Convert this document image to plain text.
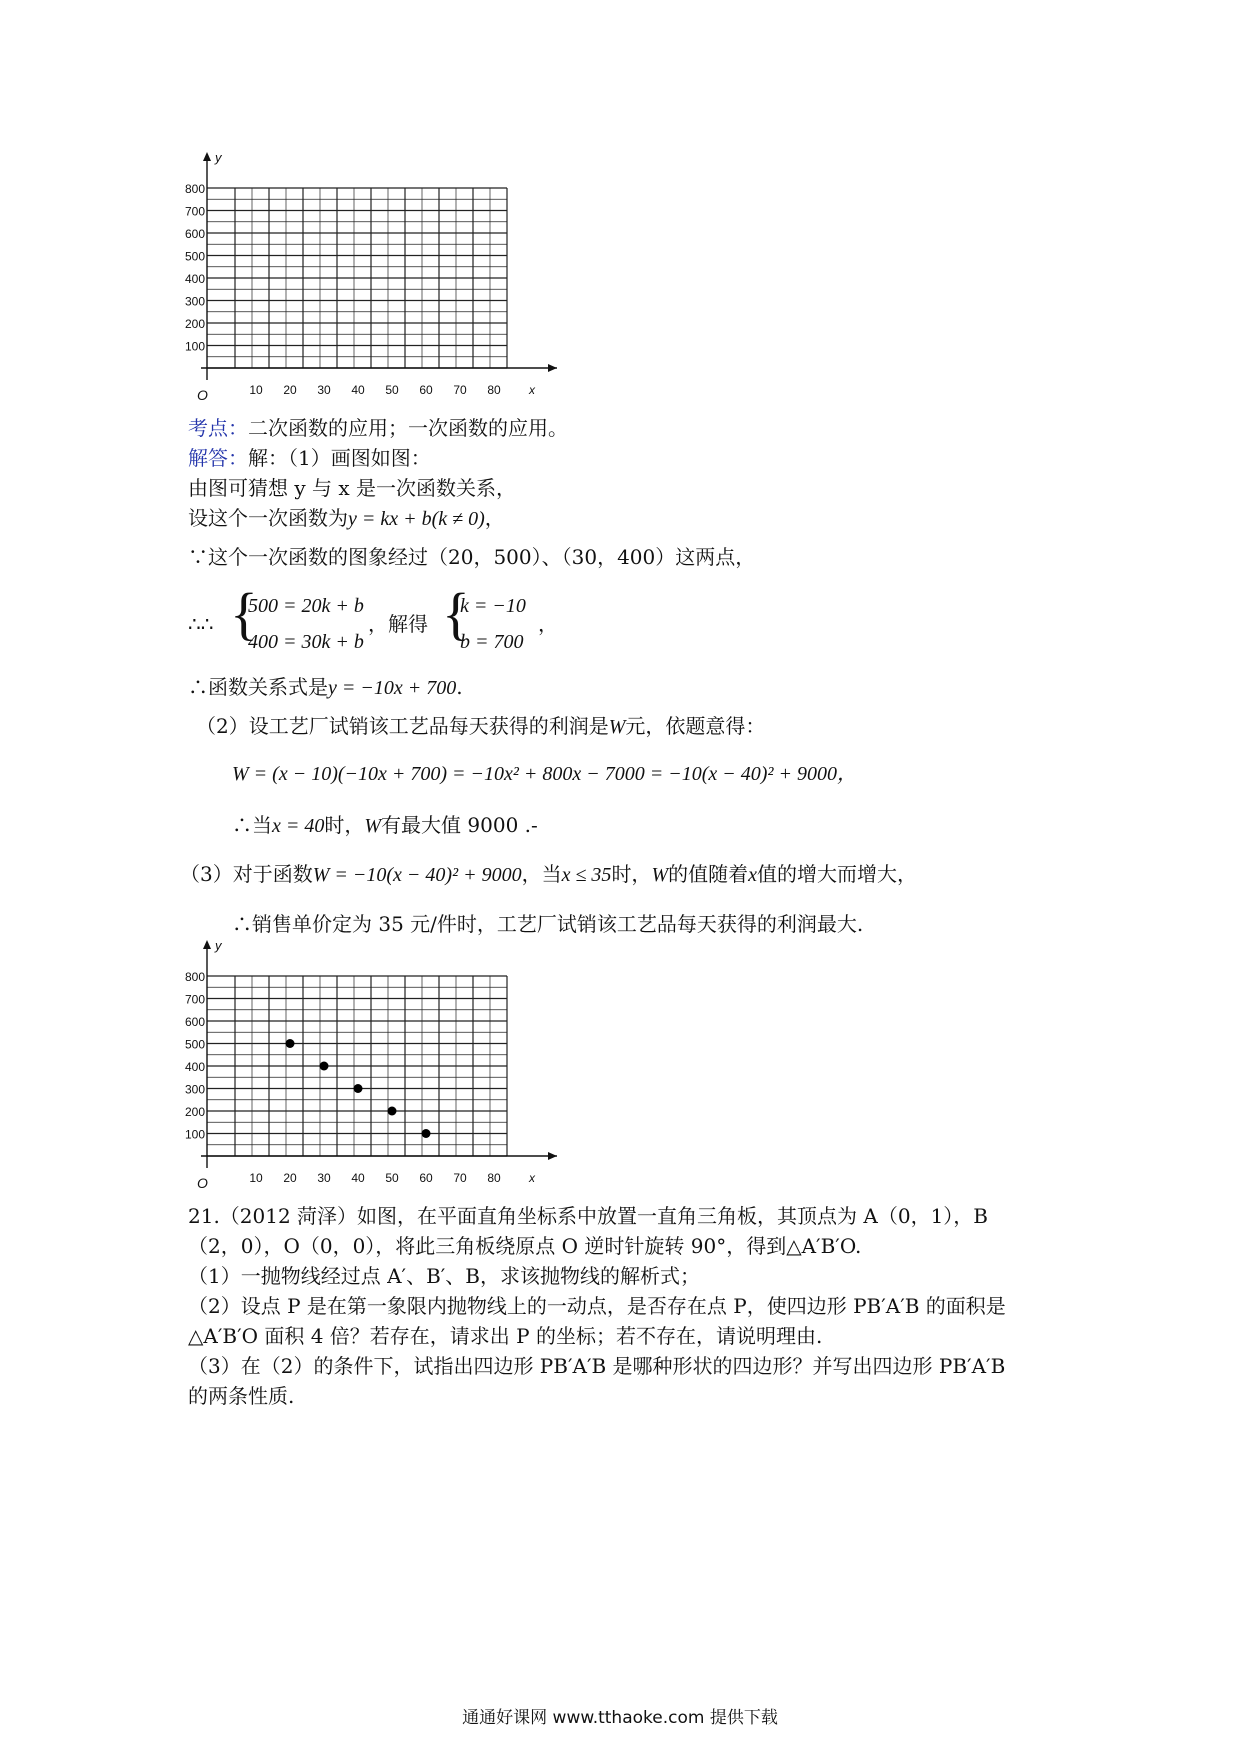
100
200
300
400
500
600
700
800
10 20 30 40 50 60 70 80
O	x
y
考点：二次函数的应用；一次函数的应用。
解答：解：（1）画图如图：
由图可猜想 y 与 x 是一次函数关系，
设这个一次函数为y = kx + b(k ≠ 0)，
∵这个一次函数的图象经过（20，500）、（30，400）这两点，
∴∴ {
500 = 20k + b
400 = 30k + b
，解得 {
k = −10
b = 700
，
∴函数关系式是y = −10x + 700.
（2）设工艺厂试销该工艺品每天获得的利润是W元，依题意得：
W = (x − 10)(−10x + 700) = −10x² + 800x − 7000 = −10(x − 40)² + 9000，
∴当x = 40时，W有最大值 9000 .-
（3）对于函数W = −10(x − 40)² + 9000，当x ≤ 35时，W的值随着x值的增大而增大，
∴销售单价定为 35 元/件时，工艺厂试销该工艺品每天获得的利润最大.
100
200
300
400
500
600
700
800
10 20 30 40 50 60 70 80
O	x
y
21.（2012 菏泽）如图，在平面直角坐标系中放置一直角三角板，其顶点为 A（0，1），B
（2，0），O（0，0），将此三角板绕原点 O 逆时针旋转 90°，得到△A′B′O.
（1）一抛物线经过点 A′、B′、B，求该抛物线的解析式；
（2）设点 P 是在第一象限内抛物线上的一动点，是否存在点 P，使四边形 PB′A′B 的面积是
△A′B′O 面积 4 倍？若存在，请求出 P 的坐标；若不存在，请说明理由.
（3）在（2）的条件下，试指出四边形 PB′A′B 是哪种形状的四边形？并写出四边形 PB′A′B
的两条性质.
通通好课网 www.tthaoke.com 提供下载
